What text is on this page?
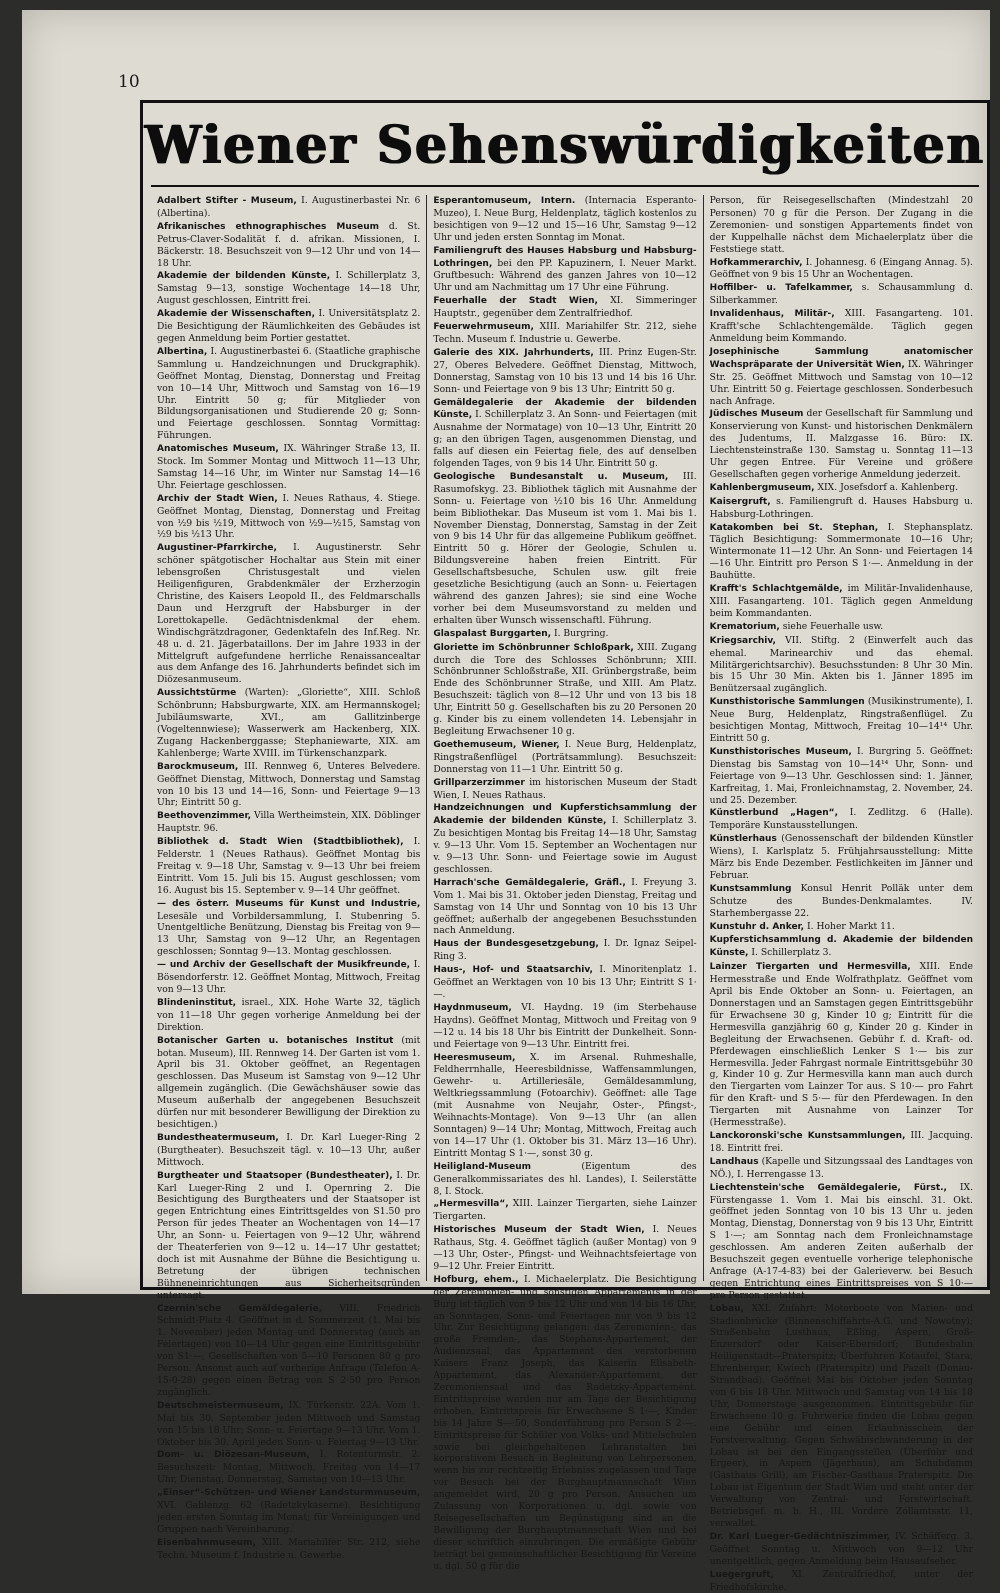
10
Wiener Sehenswürdigkeiten
Adalbert Stifter - Museum, I. Augustinerbastei Nr. 6 (Albertina).
Afrikanisches ethnographisches Museum d. St. Petrus-Claver-Sodalität f. d. afrikan. Missionen, I. Bäckerstr. 18. Besuchszeit von 9—12 Uhr und von 14—18 Uhr.
Akademie der bildenden Künste, I. Schillerplatz 3, Samstag 9—13, sonstige Wochentage 14—18 Uhr, August geschlossen, Eintritt frei.
Akademie der Wissenschaften, I. Universitätsplatz 2. Die Besichtigung der Räumlichkeiten des Gebäudes ist gegen Anmeldung beim Portier gestattet.
Albertina, I. Augustinerbastei 6. (Staatliche graphische Sammlung u. Handzeichnungen und Druckgraphik). Geöffnet Montag, Dienstag, Donnerstag und Freitag von 10—14 Uhr, Mittwoch und Samstag von 16—19 Uhr. Eintritt 50 g; für Mitglieder von Bildungsorganisationen und Studierende 20 g; Sonn- und Feiertage geschlossen. Sonntag Vormittag: Führungen.
Anatomisches Museum, IX. Währinger Straße 13, II. Stock. Im Sommer Montag und Mittwoch 11—13 Uhr, Samstag 14—16 Uhr, im Winter nur Samstag 14—16 Uhr. Feiertage geschlossen.
Archiv der Stadt Wien, I. Neues Rathaus, 4. Stiege. Geöffnet Montag, Dienstag, Donnerstag und Freitag von ½9 bis ½19, Mittwoch von ½9—½15, Samstag von ½9 bis ½13 Uhr.
Augustiner-Pfarrkirche, I. Augustinerstr. Sehr schöner spätgotischer Hochaltar aus Stein mit einer lebensgroßen Christusgestalt und vielen Heiligenfiguren, Grabdenkmäler der Erzherzogin Christine, des Kaisers Leopold II., des Feldmarschalls Daun und Herzgruft der Habsburger in der Lorettokapelle. Gedächtnisdenkmal der ehem. Windischgrätzdragoner, Gedenktafeln des Inf.Reg. Nr. 48 u. d. 21. Jägerbataillons. Der im Jahre 1933 in der Mittelgruft aufgefundene herrliche Renaissancealtar aus dem Anfange des 16. Jahrhunderts befindet sich im Diözesanmuseum.
Aussichtstürme (Warten): „Gloriette“, XIII. Schloß Schönbrunn; Habsburgwarte, XIX. am Hermannskogel; Jubiläumswarte, XVI., am Gallitzinberge (Vogeltennwiese); Wasserwerk am Hackenberg, XIX. Zugang Hackenberggasse; Stephaniewarte, XIX. am Kahlenberge; Warte XVIII. im Türkenschanzpark.
Barockmuseum, III. Rennweg 6, Unteres Belvedere. Geöffnet Dienstag, Mittwoch, Donnerstag und Samstag von 10 bis 13 und 14—16, Sonn- und Feiertage 9—13 Uhr; Eintritt 50 g.
Beethovenzimmer, Villa Wertheimstein, XIX. Döblinger Hauptstr. 96.
Bibliothek d. Stadt Wien (Stadtbibliothek), I. Felderstr. 1 (Neues Rathaus). Geöffnet Montag bis Freitag v. 9—18 Uhr, Samstag v. 9—13 Uhr bei freiem Eintritt. Vom 15. Juli bis 15. August geschlossen; vom 16. August bis 15. September v. 9—14 Uhr geöffnet.
— des österr. Museums für Kunst und Industrie, Lesesäle und Vorbildersammlung, I. Stubenring 5. Unentgeltliche Benützung, Dienstag bis Freitag von 9—13 Uhr, Samstag von 9—12 Uhr, an Regentagen geschlossen; Sonntag 9—13. Montag geschlossen.
— und Archiv der Gesellschaft der Musikfreunde, I. Bösendorferstr. 12. Geöffnet Montag, Mittwoch, Freitag von 9—13 Uhr.
Blindeninstitut, israel., XIX. Hohe Warte 32, täglich von 11—18 Uhr gegen vorherige Anmeldung bei der Direktion.
Botanischer Garten u. botanisches Institut (mit botan. Museum), III. Rennweg 14. Der Garten ist vom 1. April bis 31. Oktober geöffnet, an Regentagen geschlossen. Das Museum ist Samstag von 9—12 Uhr allgemein zugänglich. (Die Gewächshäuser sowie das Museum außerhalb der angegebenen Besuchszeit dürfen nur mit besonderer Bewilligung der Direktion zu besichtigen.)
Bundestheatermuseum, I. Dr. Karl Lueger-Ring 2 (Burgtheater). Besuchszeit tägl. v. 10—13 Uhr, außer Mittwoch.
Burgtheater und Staatsoper (Bundestheater), I. Dr. Karl Lueger-Ring 2 und I. Opernring 2. Die Besichtigung des Burgtheaters und der Staatsoper ist gegen Entrichtung eines Eintrittsgeldes von S1.50 pro Person für jedes Theater an Wochentagen von 14—17 Uhr, an Sonn- u. Feiertagen von 9—12 Uhr, während der Theaterferien von 9—12 u. 14—17 Uhr gestattet; doch ist mit Ausnahme der Bühne die Besichtigung u. Betretung der übrigen technischen Bühneneinrichtungen aus Sicherheitsgründen untersagt.
Czernin'sche Gemäldegalerie, VIII. Friedrich Schmidt-Platz 4. Geöffnet in d. Sommerzeit (1. Mai bis 1. November) jeden Montag und Donnerstag (auch an Feiertagen) von 10—14 Uhr gegen eine Eintrittsgebühr von S1·—, Gesellschaften von 5—10 Personen 80 g pro Person. Ansonst auch auf vorherige Anfrage (Telefon A-15-0-28) gegen einen Betrag von S 2·50 pro Person zugänglich.
Deutschmeistermuseum, IX. Türkenstr. 22A. Vom 1. Mai bis 30. September jeden Mittwoch und Samstag von 15 bis 18 Uhr; Sonn- u. Feiertage 9—13 Uhr. Vom 1. Oktober bis 30. April jeden Sonn- u. Feiertag 9—13 Uhr.
Dom- u. Diözesan-Museum, I. Rotenturmstr. 2. Besuchszeit: Montag, Mittwoch, Freitag von 14—17 Uhr, Dienstag, Donnerstag, Samstag von 10—13 Uhr.
„Einser“-Schützen- und Wiener Landsturmmuseum, XVI. Gablenzg. 62 (Radetzkykaserne). Besichtigung jeden ersten Sonntag im Monat; für Vereinigungen und Gruppen nach Vereinbarung.
Eisenbahnmuseum, XIII. Mariahilfer Str. 212, siehe Techn. Museum f. Industrie u. Gewerbe.
Esperantomuseum, Intern. (Internacia Esperanto-Muzeo), I. Neue Burg, Heldenplatz, täglich kostenlos zu besichtigen von 9—12 und 15—16 Uhr, Samstag 9—12 Uhr und jeden ersten Sonntag im Monat.
Familiengruft des Hauses Habsburg und Habsburg-Lothringen, bei den PP. Kapuzinern, I. Neuer Markt. Gruftbesuch: Während des ganzen Jahres von 10—12 Uhr und am Nachmittag um 17 Uhr eine Führung.
Feuerhalle der Stadt Wien, XI. Simmeringer Hauptstr., gegenüber dem Zentralfriedhof.
Feuerwehrmuseum, XIII. Mariahilfer Str. 212, siehe Techn. Museum f. Industrie u. Gewerbe.
Galerie des XIX. Jahrhunderts, III. Prinz Eugen-Str. 27, Oberes Belvedere. Geöffnet Dienstag, Mittwoch, Donnerstag, Samstag von 10 bis 13 und 14 bis 16 Uhr. Sonn- und Feiertage von 9 bis 13 Uhr; Eintritt 50 g.
Gemäldegalerie der Akademie der bildenden Künste, I. Schillerplatz 3. An Sonn- und Feiertagen (mit Ausnahme der Normatage) von 10—13 Uhr, Eintritt 20 g; an den übrigen Tagen, ausgenommen Dienstag, und falls auf diesen ein Feiertag fiele, des auf denselben folgenden Tages, von 9 bis 14 Uhr. Eintritt 50 g.
Geologische Bundesanstalt u. Museum, III. Rasumofskyg. 23. Bibliothek täglich mit Ausnahme der Sonn- u. Feiertage von ½10 bis 16 Uhr. Anmeldung beim Bibliothekar. Das Museum ist vom 1. Mai bis 1. November Dienstag, Donnerstag, Samstag in der Zeit von 9 bis 14 Uhr für das allgemeine Publikum geöffnet. Eintritt 50 g. Hörer der Geologie, Schulen u. Bildungsvereine haben freien Eintritt. Für Gesellschaftsbesuche, Schulen usw. gilt freie gesetzliche Besichtigung (auch an Sonn- u. Feiertagen während des ganzen Jahres); sie sind eine Woche vorher bei dem Museumsvorstand zu melden und erhalten über Wunsch wissenschaftl. Führung.
Glaspalast Burggarten, I. Burgring.
Gloriette im Schönbrunner Schloßpark, XIII. Zugang durch die Tore des Schlosses Schönbrunn; XIII. Schönbrunner Schloßstraße, XII. Grünbergstraße, beim Ende des Schönbrunner Straße, und XIII. Am Platz. Besuchszeit: täglich von 8—12 Uhr und von 13 bis 18 Uhr, Eintritt 50 g. Gesellschaften bis zu 20 Personen 20 g. Kinder bis zu einem vollendeten 14. Lebensjahr in Begleitung Erwachsener 10 g.
Goethemuseum, Wiener, I. Neue Burg, Heldenplatz, Ringstraßenflügel (Porträtsammlung). Besuchszeit: Donnerstag von 11—1 Uhr. Eintritt 50 g.
Grillparzerzimmer im historischen Museum der Stadt Wien, I. Neues Rathaus.
Handzeichnungen und Kupferstichsammlung der Akademie der bildenden Künste, I. Schillerplatz 3. Zu besichtigen Montag bis Freitag 14—18 Uhr, Samstag v. 9—13 Uhr. Vom 15. September an Wochentagen nur v. 9—13 Uhr. Sonn- und Feiertage sowie im August geschlossen.
Harrach'sche Gemäldegalerie, Gräfl., I. Freyung 3. Vom 1. Mai bis 31. Oktober jeden Dienstag, Freitag und Samstag von 14 Uhr und Sonntag von 10 bis 13 Uhr geöffnet; außerhalb der angegebenen Besuchsstunden nach Anmeldung.
Haus der Bundesgesetzgebung, I. Dr. Ignaz Seipel-Ring 3.
Haus-, Hof- und Staatsarchiv, I. Minoritenplatz 1. Geöffnet an Werktagen von 10 bis 13 Uhr; Eintritt S 1·—.
Haydnmuseum, VI. Haydng. 19 (im Sterbehause Haydns). Geöffnet Montag, Mittwoch und Freitag von 9—12 u. 14 bis 18 Uhr bis Eintritt der Dunkelheit. Sonn- und Feiertage von 9—13 Uhr. Eintritt frei.
Heeresmuseum, X. im Arsenal. Ruhmeshalle, Feldherrnhalle, Heeresbildnisse, Waffensammlungen, Gewehr- u. Artilleriesäle, Gemäldesammlung, Weltkriegssammlung (Fotoarchiv). Geöffnet: alle Tage (mit Ausnahme von Neujahr, Oster-, Pfingst-, Weihnachts-Montage). Von 9—13 Uhr (an allen Sonntagen) 9—14 Uhr; Montag, Mittwoch, Freitag auch von 14—17 Uhr (1. Oktober bis 31. März 13—16 Uhr). Eintritt Montag S 1·—, sonst 30 g.
Heiligland-Museum (Eigentum des Generalkommissariates des hl. Landes), I. Seilerstätte 8, I. Stock.
„Hermesvilla“, XIII. Lainzer Tiergarten, siehe Lainzer Tiergarten.
Historisches Museum der Stadt Wien, I. Neues Rathaus, Stg. 4. Geöffnet täglich (außer Montag) von 9—13 Uhr, Oster-, Pfingst- und Weihnachtsfeiertage von 9—12 Uhr. Freier Eintritt.
Hofburg, ehem., I. Michaelerplatz. Die Besichtigung der Zeremonien- und sonstigen Appartements in der Burg ist täglich von 9 bis 12 Uhr und von 14 bis 16 Uhr, an Sonntagen, Sonn- und Feiertagen nur von 9 bis 12 Uhr. Zur Besichtigung gelangen: das Zeremonien-, das große Fremden-, das Stephans-Appartement, der Audienzsaal, das Appartement des verstorbenen Kaisers Franz Joseph, das Kaiserin Elisabeth-Appartement, das Alexander-Appartement, der Zeremoniensaal und das Radetzky-Appartement. Eintrittspreise werden nur am Tage der Besichtigung erhoben. Eintrittspreis für Erwachsene S 1·—, Kinder bis 14 Jahre S—·50, Sonderführung pro Person S 2·—. Eintrittspreise für Schüler von Volks- und Mittelschulen sowie bei gleichgehaltenen Lehranstalten bei korporativem Besuch in Begleitung von Lehrpersonen, wenn bis zur rechtzeitig Erlebniss zugelassen und Tage vor Besuch bei der Burghauptmannschaft Wien angemeldet wird, 20 g pro Person. Ansuchen um Zulassung von Korporationen u. dgl. sowie von Reisegesellschaften um Begünstigung sind an die Bewilligung der Burghauptmannschaft Wien und bei dieser schriftlich einzubringen. Die ermäßigte Gebühr beträgt bei gemeinschaftlicher Besichtigung für Vereine u. dgl. 50 g für die
Person, für Reisegesellschaften (Mindestzahl 20 Personen) 70 g für die Person. Der Zugang in die Zeremonien- und sonstigen Appartements findet von der Kuppelhalle nächst dem Michaelerplatz über die Feststiege statt.
Hofkammerarchiv, I. Johannesg. 6 (Eingang Annag. 5). Geöffnet von 9 bis 15 Uhr an Wochentagen.
Hoffilber- u. Tafelkammer, s. Schausammlung d. Silberkammer.
Invalidenhaus, Militär-, XIII. Fasangarteng. 101. Krafft'sche Schlachtengemälde. Täglich gegen Anmeldung beim Kommando.
Josephinische Sammlung anatomischer Wachspräparate der Universität Wien, IX. Währinger Str. 25. Geöffnet Mittwoch und Samstag von 10—12 Uhr. Eintritt 50 g. Feiertage geschlossen. Sonderbesuch nach Anfrage.
Jüdisches Museum der Gesellschaft für Sammlung und Konservierung von Kunst- und historischen Denkmälern des Judentums, II. Malzgasse 16. Büro: IX. Liechtensteinstraße 130. Samstag u. Sonntag 11—13 Uhr gegen Entree. Für Vereine und größere Gesellschaften gegen vorherige Anmeldung jederzeit.
Kahlenbergmuseum, XIX. Josefsdorf a. Kahlenberg.
Kaisergruft, s. Familiengruft d. Hauses Habsburg u. Habsburg-Lothringen.
Katakomben bei St. Stephan, I. Stephansplatz. Täglich Besichtigung: Sommermonate 10—16 Uhr; Wintermonate 11—12 Uhr. An Sonn- und Feiertagen 14—16 Uhr. Eintritt pro Person S 1·—. Anmeldung in der Bauhütte.
Krafft's Schlachtgemälde, im Militär-Invalidenhause, XIII. Fasangarteng. 101. Täglich gegen Anmeldung beim Kommandanten.
Krematorium, siehe Feuerhalle usw.
Kriegsarchiv, VII. Stiftg. 2 (Einwerfelt auch das ehemal. Marinearchiv und das ehemal. Militärgerichtsarchiv). Besuchsstunden: 8 Uhr 30 Min. bis 15 Uhr 30 Min. Akten bis 1. Jänner 1895 im Benützersaal zugänglich.
Kunsthistorische Sammlungen (Musikinstrumente), I. Neue Burg, Heldenplatz, Ringstraßenflügel. Zu besichtigen Montag, Mittwoch, Freitag 10—14¹⁴ Uhr. Eintritt 50 g.
Kunsthistorisches Museum, I. Burgring 5. Geöffnet: Dienstag bis Samstag von 10—14¹⁴ Uhr, Sonn- und Feiertage von 9—13 Uhr. Geschlossen sind: 1. Jänner, Karfreitag, 1. Mai, Fronleichnamstag, 2. November, 24. und 25. Dezember.
Künstlerbund „Hagen“, I. Zedlitzg. 6 (Halle). Temporäre Kunstausstellungen.
Künstlerhaus (Genossenschaft der bildenden Künstler Wiens), I. Karlsplatz 5. Frühjahrsausstellung: Mitte März bis Ende Dezember. Festlichkeiten im Jänner und Februar.
Kunstsammlung Konsul Henrit Polläk unter dem Schutze des Bundes-Denkmalamtes. IV. Starhembergasse 22.
Kunstuhr d. Anker, I. Hoher Markt 11.
Kupferstichsammlung d. Akademie der bildenden Künste, I. Schillerplatz 3.
Lainzer Tiergarten und Hermesvilla, XIII. Ende Hermesstraße und Ende Wolfrathplatz. Geöffnet vom April bis Ende Oktober an Sonn- u. Feiertagen, an Donnerstagen und an Samstagen gegen Eintrittsgebühr für Erwachsene 30 g, Kinder 10 g; Eintritt für die Hermesvilla ganzjährig 60 g, Kinder 20 g. Kinder in Begleitung der Erwachsenen. Gebühr f. d. Kraft- od. Pferdewagen einschließlich Lenker S 1·— bis zur Hermesvilla. Jeder Fahrgast normale Eintrittsgebühr 30 g, Kinder 10 g. Zur Hermesvilla kann man auch durch den Tiergarten vom Lainzer Tor aus. S 10·— pro Fahrt für den Kraft- und S 5·— für den Pferdewagen. In den Tiergarten mit Ausnahme von Lainzer Tor (Hermesstraße).
Lanckoronski'sche Kunstsammlungen, III. Jacquing. 18. Eintritt frei.
Landhaus (Kapelle und Sitzungssaal des Landtages von NÖ.), I. Herrengasse 13.
Liechtenstein'sche Gemäldegalerie, Fürst., IX. Fürstengasse 1. Vom 1. Mai bis einschl. 31. Okt. geöffnet jeden Sonntag von 10 bis 13 Uhr u. jeden Montag, Dienstag, Donnerstag von 9 bis 13 Uhr, Eintritt S 1·—; am Sonntag nach dem Fronleichnamstage geschlossen. Am anderen Zeiten außerhalb der Besuchszeit gegen eventuelle vorherige telephonische Anfrage (A-17-4-83) bei der Galerieverw. bei Besuch gegen Entrichtung eines Eintrittspreises von S 10·— pro Person gestattet.
Lobau, XXI. Zufahrt: Motorboote von Marien- und Stadionbrücke (Binnenschiffahrts-A.G. und Nowotny); Straßenbahn Lusthaus, Eßling, Aspern, Groß-Enzersdorf oder Kaiser-Ebersdorf; Bundesbahn Heiligenstadt—Praterspitz; Überfuhren Kotaufel, Stara, Ehrenberger, Kwiech (Praterspitz) und Pazelt (Donau-Strandbad). Geöffnet Mai bis Oktober jeden Sonntag von 6 bis 18 Uhr. Mittwoch und Samstag von 14 bis 18 Uhr, Donnerstage ausgenommen. Eintrittsgebühr für Erwachsene 10 g. Fuhrwerke finden die Lobau gegen eine Gebühr und einen Erlaubnisschein der Forstverwaltung. Gegen Schwäbischwanderung in der Lobau ist bei den Eingangsstellen (Überfuhr und Ergeer), in Aspern (Jägerhaus), am Schubdamm (Gasthaus Grill), am Fischer-Gasthaus Praterspitz. Die Lobau ist Eigentum der Stadt Wien und steht unter der Verwaltung von Zentral- und Forstwirtschaft. Betriebsgef. m. b. H., III. Vordere Zollamtsstr. 11, verwaltet.
Dr. Karl Lueger-Gedächtniszimmer, IV. Schäfferg. 3. Geöffnet Sonntag u. Mittwoch von 9—12 Uhr unentgeltlich, gegen Anmeldung beim Hausaufseher.
Luegergruft, XI. Zentralfriedhof, unter der Friedhofskirche.
